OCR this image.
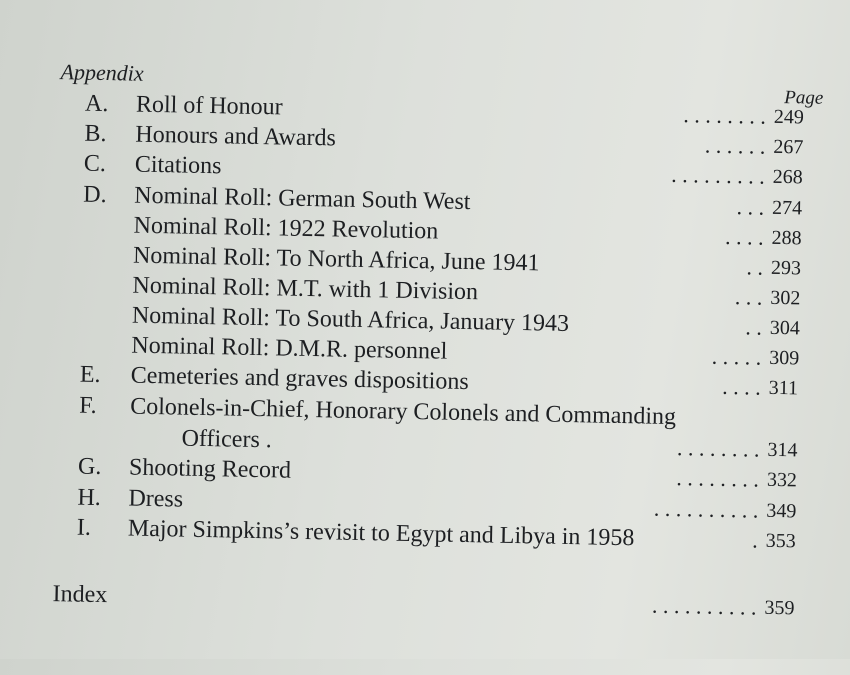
Appendix
Page
A. Roll of Honour	. . . . . . . . 249
B. Honours and Awards	. . . . . . 267
C. Citations	. . . . . . . . . 268
D. Nominal Roll: German South West	. . . 274
Nominal Roll: 1922 Revolution	. . . . 288
Nominal Roll: To North Africa, June 1941	. . 293
Nominal Roll: M.T. with 1 Division	. . . 302
Nominal Roll: To South Africa, January 1943	. . 304
Nominal Roll: D.M.R. personnel	. . . . . 309
E. Cemeteries and graves dispositions	. . . . 311
F. Colonels-in-Chief, Honorary Colonels and Commanding
Officers .	. . . . . . . . 314
G. Shooting Record	. . . . . . . . 332
H. Dress	. . . . . . . . . . 349
I. Major Simpkins’s revisit to Egypt and Libya in 1958	. 353
Index	. . . . . . . . . . 359
